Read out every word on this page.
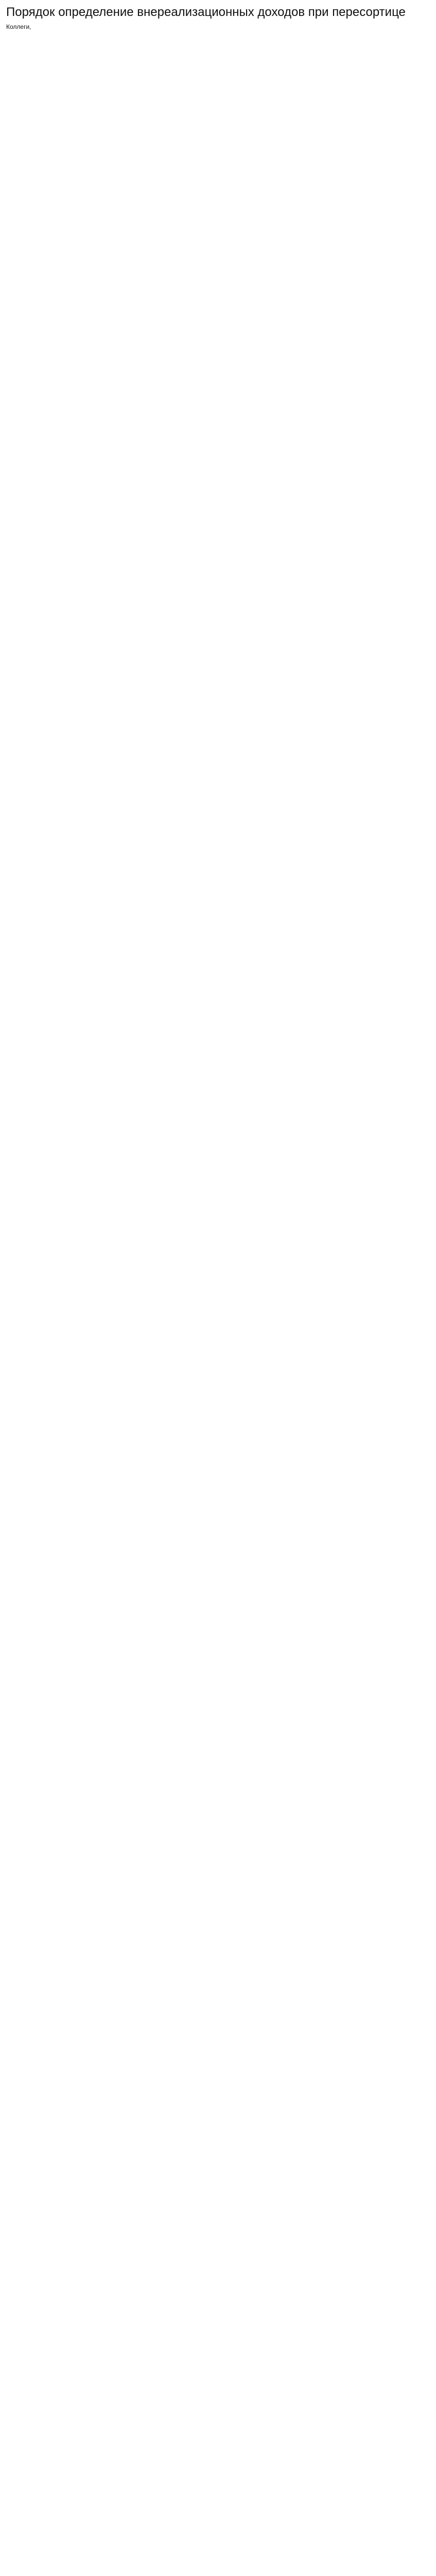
Порядок определение внереализационных доходов при пересортице
Коллеги,
